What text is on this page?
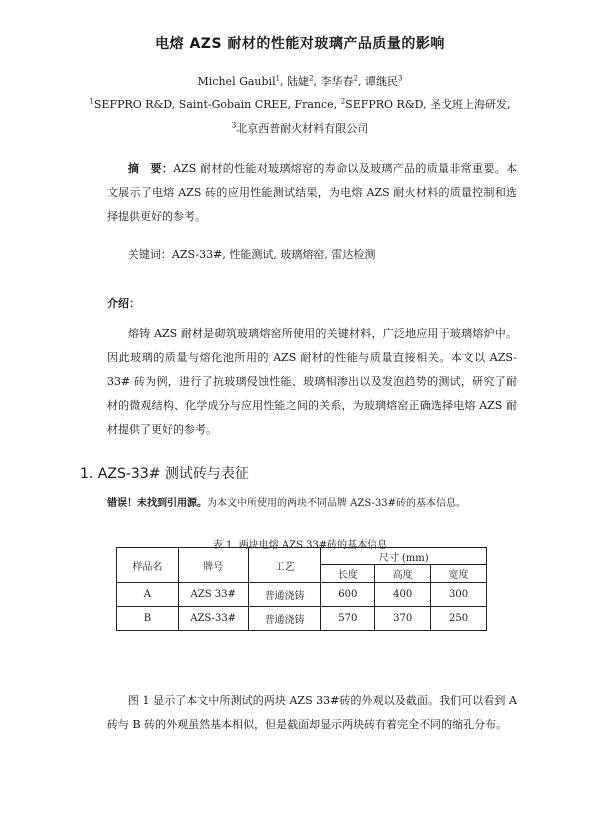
电熔 AZS 耐材的性能对玻璃产品质量的影响
Michel Gaubil$^1$, 陆婕$^2$, 李华春$^2$, 谭继民$^3$
$^1$SEFPRO R&D, Saint-Gobain CREE, France, $^2$SEFPRO R&D, 圣戈班上海研发,
$^3$北京西普耐火材料有限公司
摘　要：AZS 耐材的性能对玻璃熔窑的寿命以及玻璃产品的质量非常重要。本文展示了电熔 AZS 砖的应用性能测试结果，为电熔 AZS 耐火材料的质量控制和选择提供更好的参考。
关键词：AZS-33#, 性能测试, 玻璃熔窑, 雷达检测
介绍：
熔铸 AZS 耐材是砌筑玻璃熔窑所使用的关键材料，广泛地应用于玻璃熔炉中。因此玻璃的质量与熔化池所用的 AZS 耐材的性能与质量直接相关。本文以 AZS-33# 砖为例，进行了抗玻璃侵蚀性能、玻璃相渗出以及发泡趋势的测试，研究了耐材的微观结构、化学成分与应用性能之间的关系，为玻璃熔窑正确选择电熔 AZS 耐材提供了更好的参考。
1. AZS-33# 测试砖与表征
错误！未找到引用源。为本文中所使用的两块不同品牌 AZS-33#砖的基本信息。
表 1. 两块电熔 AZS 33#砖的基本信息
样品名	牌号	工艺	尺寸 (mm)		
			长度	高度	宽度
A	AZS 33#	普通浇铸	600	400	300
B	AZS-33#	普通浇铸	570	370	250
图 1 显示了本文中所测试的两块 AZS 33#砖的外观以及截面。我们可以看到 A 砖与 B 砖的外观虽然基本相似，但是截面却显示两块砖有着完全不同的缩孔分布。
